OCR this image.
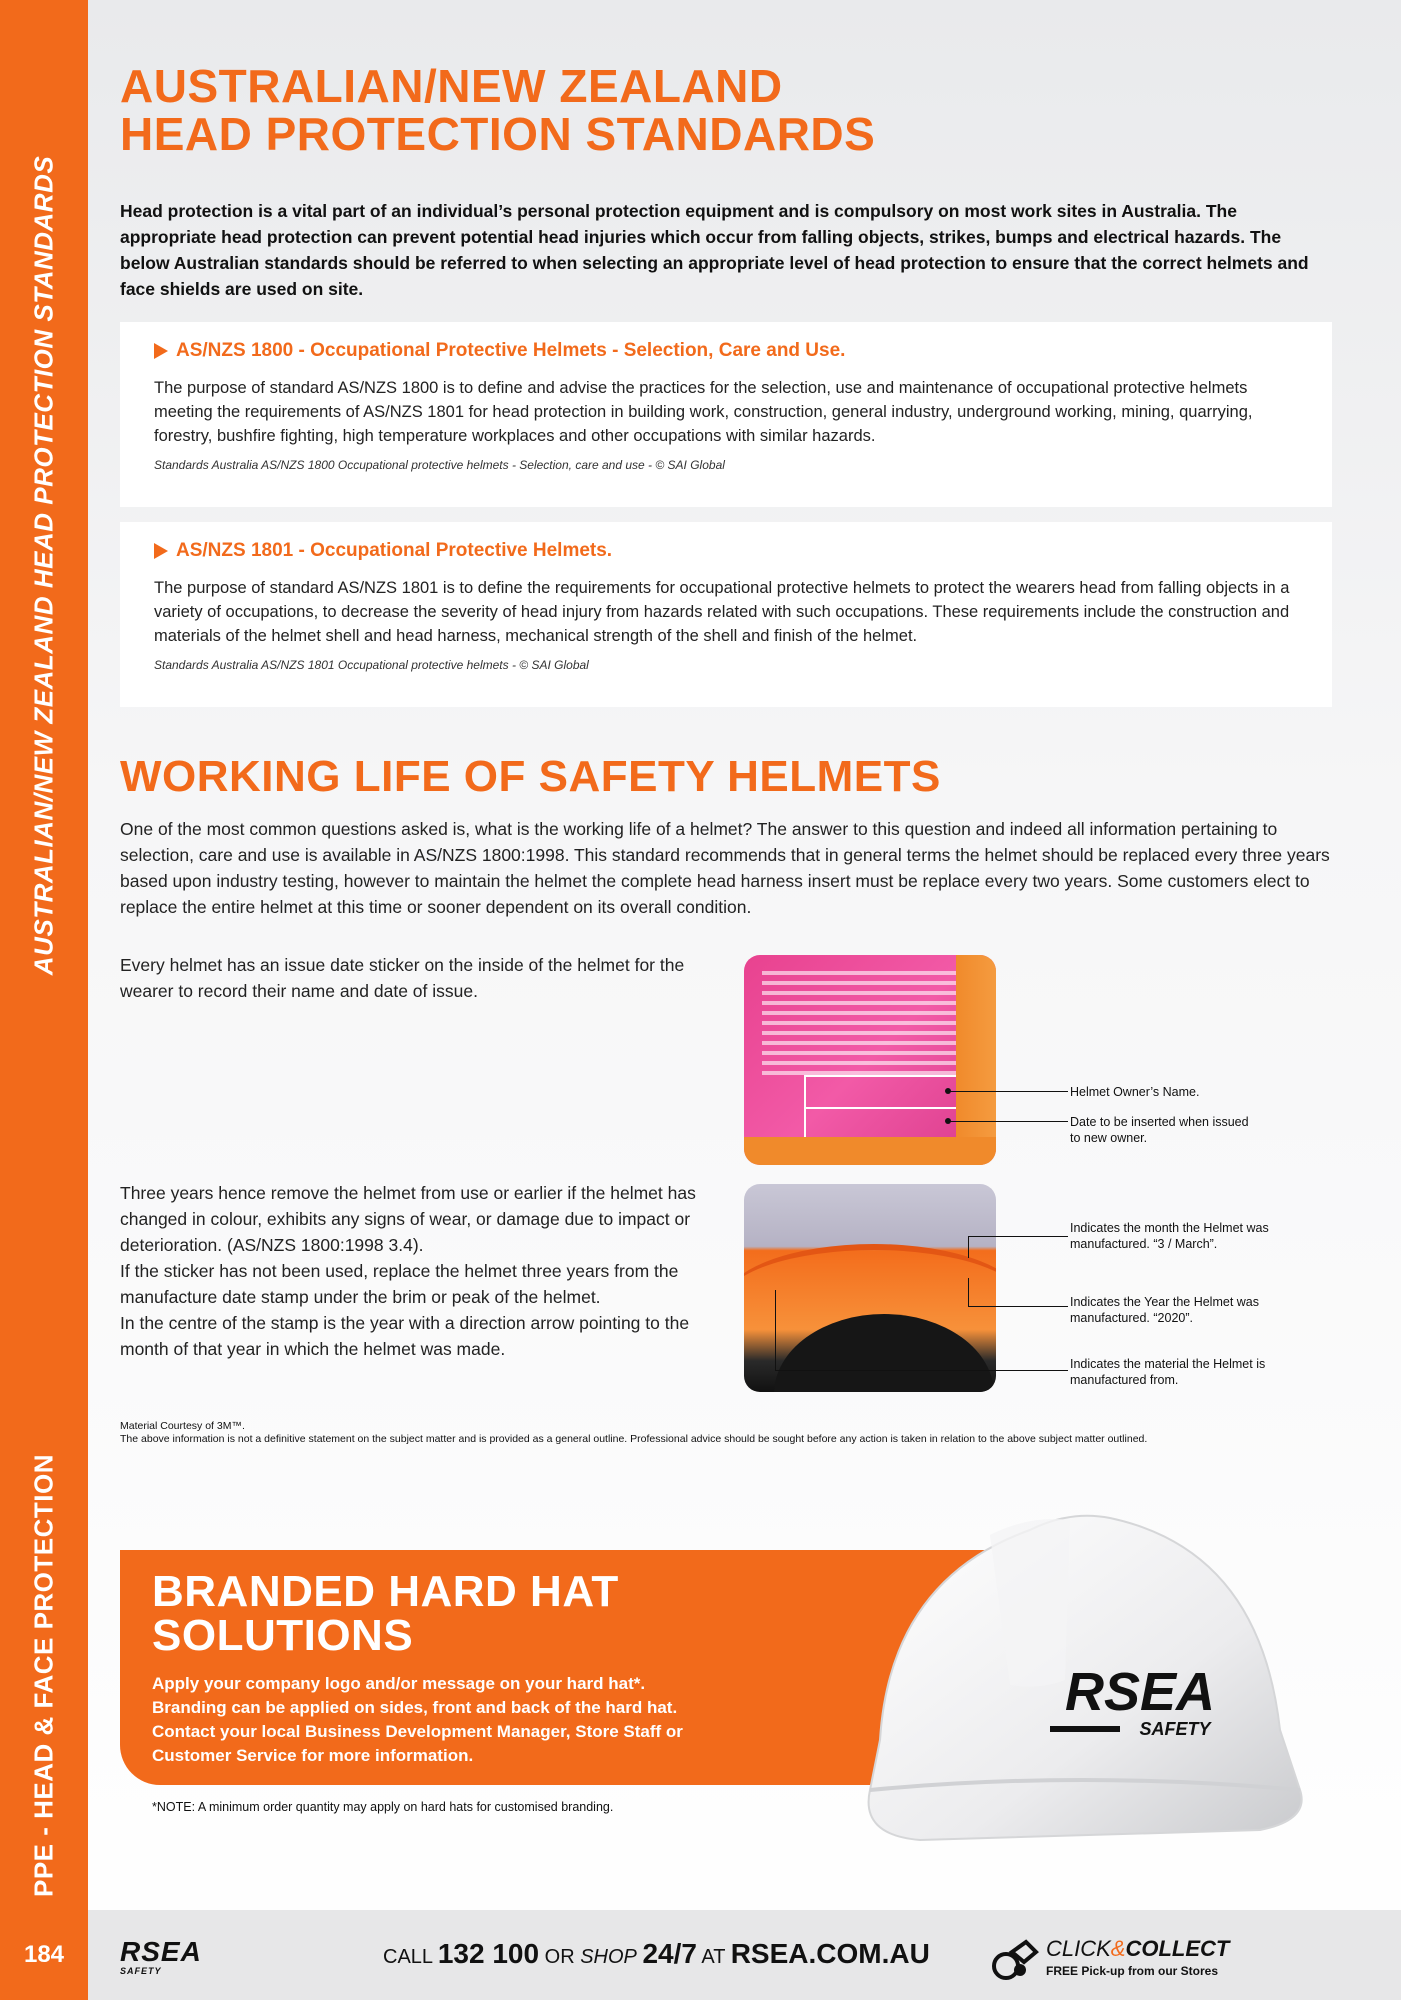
AUSTRALIAN/NEW ZEALAND HEAD PROTECTION STANDARDS
PPE - HEAD & FACE PROTECTION
AUSTRALIAN/NEW ZEALAND
HEAD PROTECTION STANDARDS
Head protection is a vital part of an individual’s personal protection equipment and is compulsory on most work sites in Australia. The appropriate head protection can prevent potential head injuries which occur from falling objects, strikes, bumps and electrical hazards. The below Australian standards should be referred to when selecting an appropriate level of head protection to ensure that the correct helmets and face shields are used on site.
AS/NZS 1800 - Occupational Protective Helmets - Selection, Care and Use.

The purpose of standard AS/NZS 1800 is to define and advise the practices for the selection, use and maintenance of occupational protective helmets meeting the requirements of AS/NZS 1801 for head protection in building work, construction, general industry, underground working, mining, quarrying, forestry, bushfire fighting, high temperature workplaces and other occupations with similar hazards.

Standards Australia AS/NZS 1800 Occupational protective helmets - Selection, care and use - © SAI Global
AS/NZS 1801 - Occupational Protective Helmets.

The purpose of standard AS/NZS 1801 is to define the requirements for occupational protective helmets to protect the wearers head from falling objects in a variety of occupations, to decrease the severity of head injury from hazards related with such occupations. These requirements include the construction and materials of the helmet shell and head harness, mechanical strength of the shell and finish of the helmet.

Standards Australia AS/NZS 1801 Occupational protective helmets - © SAI Global
WORKING LIFE OF SAFETY HELMETS
One of the most common questions asked is, what is the working life of a helmet? The answer to this question and indeed all information pertaining to selection, care and use is available in AS/NZS 1800:1998. This standard recommends that in general terms the helmet should be replaced every three years based upon industry testing, however to maintain the helmet the complete head harness insert must be replace every two years. Some customers elect to replace the entire helmet at this time or sooner dependent on its overall condition.
Every helmet has an issue date sticker on the inside of the helmet for the wearer to record their name and date of issue.
Helmet Owner’s Name.
Date to be inserted when issued to new owner.
Three years hence remove the helmet from use or earlier if the helmet has changed in colour, exhibits any signs of wear, or damage due to impact or deterioration. (AS/NZS 1800:1998 3.4).
If the sticker has not been used, replace the helmet three years from the manufacture date stamp under the brim or peak of the helmet.
In the centre of the stamp is the year with a direction arrow pointing to the month of that year in which the helmet was made.
Indicates the month the Helmet was manufactured. “3 / March”.
Indicates the Year the Helmet was manufactured. “2020”.
Indicates the material the Helmet is manufactured from.
Material Courtesy of 3M™.
The above information is not a definitive statement on the subject matter and is provided as a general outline. Professional advice should be sought before any action is taken in relation to the above subject matter outlined.
BRANDED HARD HAT
SOLUTIONS

Apply your company logo and/or message on your hard hat*.
Branding can be applied on sides, front and back of the hard hat.
Contact your local Business Development Manager, Store Staff or
Customer Service for more information.

RSEA
SAFETY
*NOTE: A minimum order quantity may apply on hard hats for customised branding.
184	RSEA
SAFETY
CALL 132 100 OR SHOP 24/7 AT RSEA.COM.AU	CLICK&COLLECT
FREE Pick-up from our Stores
